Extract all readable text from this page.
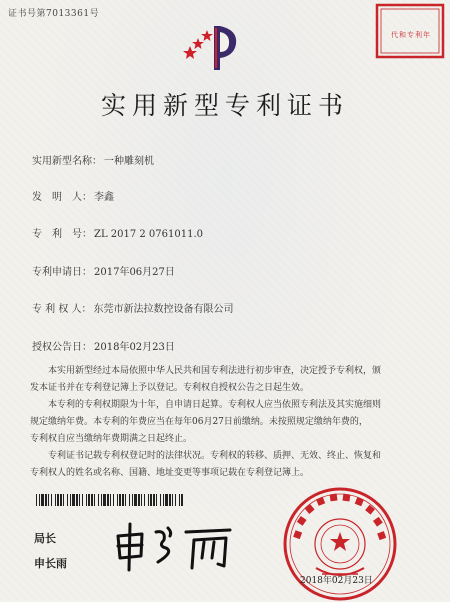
证书号第7013361号
代和专利年
实用新型专利证书
实用新型名称： 一种雕刻机
发　明　人： 李鑫
专　利　号： ZL 2017 2 0761011.0
专利申请日： 2017年06月27日
专 利 权 人： 东莞市新法拉数控设备有限公司
授权公告日： 2018年02月23日
本实用新型经过本局依照中华人民共和国专利法进行初步审查，决定授予专利权，颁
发本证书并在专利登记簿上予以登记。专利权自授权公告之日起生效。
本专利的专利权期限为十年，自申请日起算。专利权人应当依照专利法及其实施细则
规定缴纳年费。本专利的年费应当在每年06月27日前缴纳。未按照规定缴纳年费的，
专利权自应当缴纳年费期满之日起终止。
专利证书记载专利权登记时的法律状况。专利权的转移、质押、无效、终止、恢复和
专利权人的姓名或名称、国籍、地址变更等事项记载在专利登记簿上。
局长
申长雨
2018年02月23日
